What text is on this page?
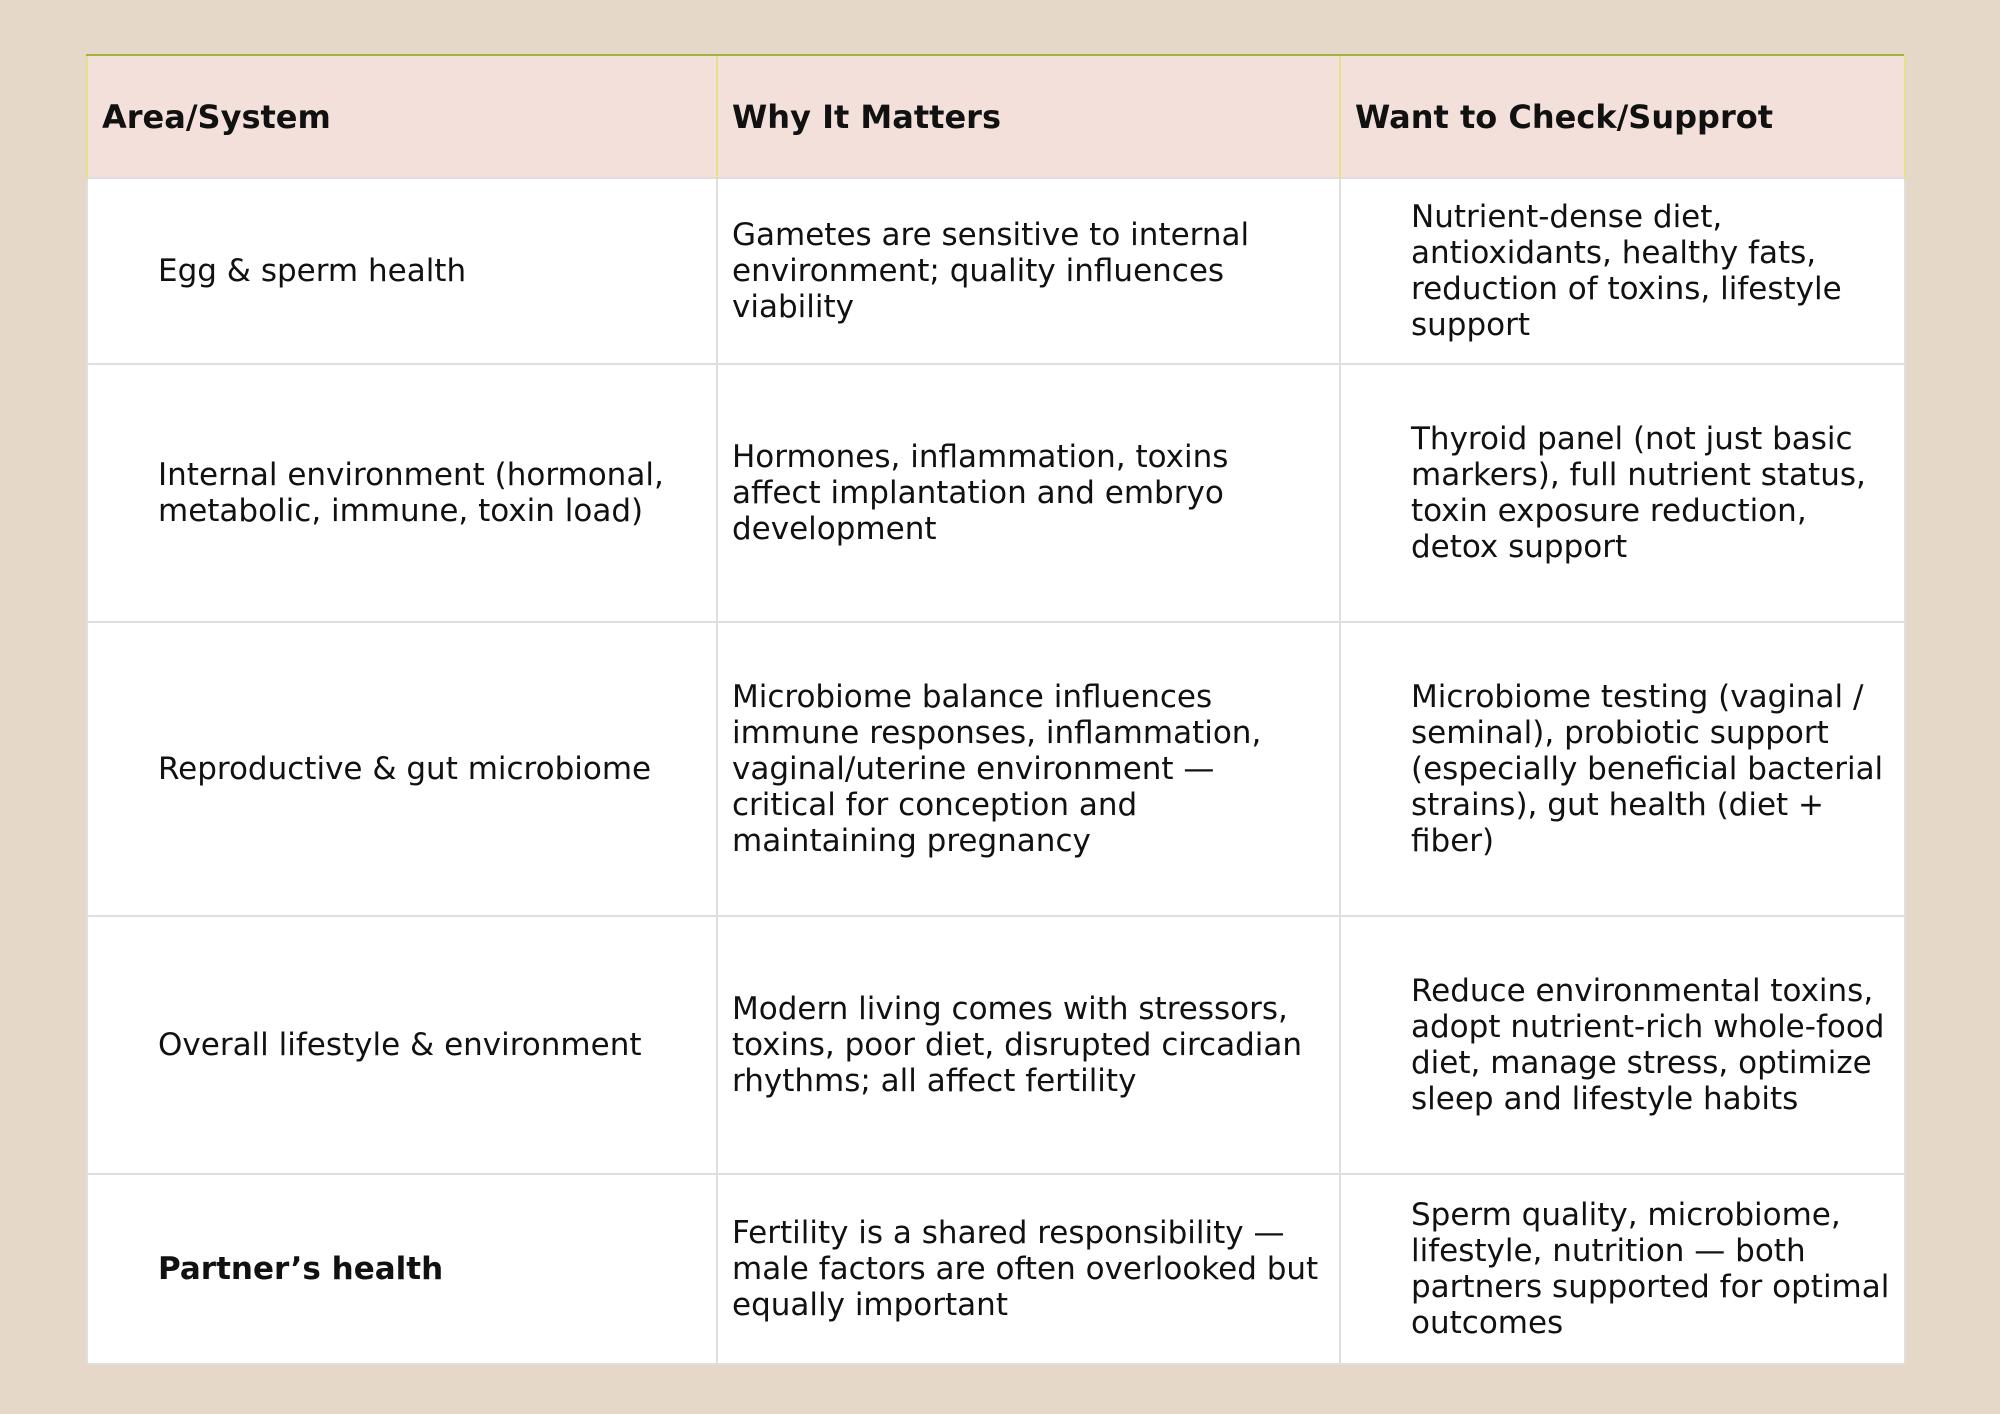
Area/System	Why It Matters	Want to Check/Supprot
Egg & sperm health	Gametes are sensitive to internal environment; quality influences viability	Nutrient-dense diet, antioxidants, healthy fats, reduction of toxins, lifestyle support
Internal environment (hormonal, metabolic, immune, toxin load)	Hormones, inflammation, toxins affect implantation and embryo development	Thyroid panel (not just basic markers), full nutrient status, toxin exposure reduction, detox support
Reproductive & gut microbiome	Microbiome balance influences immune responses, inflammation, vaginal/uterine environment — critical for conception and maintaining pregnancy	Microbiome testing (vaginal / seminal), probiotic support (especially beneficial bacterial strains), gut health (diet + fiber)
Overall lifestyle & environment	Modern living comes with stressors, toxins, poor diet, disrupted circadian rhythms; all affect fertility	Reduce environmental toxins, adopt nutrient-rich whole-food diet, manage stress, optimize sleep and lifestyle habits
Partner’s health	Fertility is a shared responsibility — male factors are often overlooked but equally important	Sperm quality, microbiome, lifestyle, nutrition — both partners supported for optimal outcomes
